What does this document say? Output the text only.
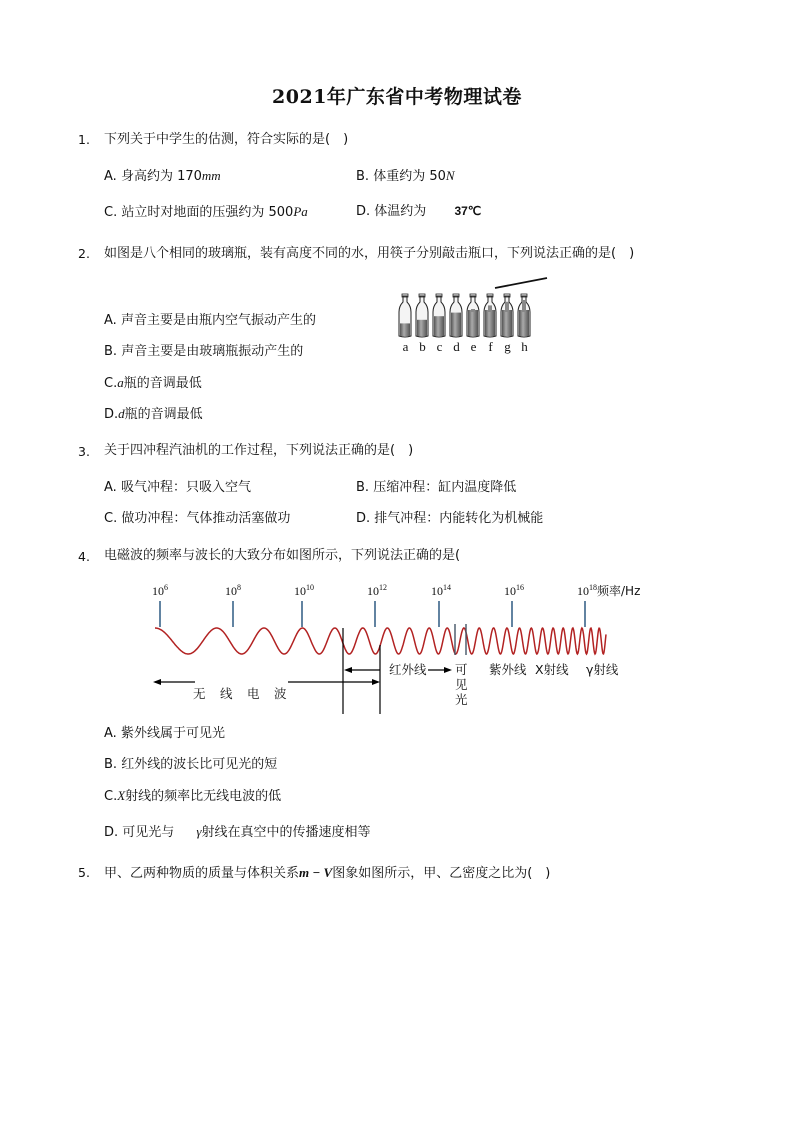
2021年广东省中考物理试卷
1. 下列关于中学生的估测，符合实际的是(　)
A. 身高约为 170mm	B. 体重约为 50N
C. 站立时对地面的压强约为 500Pa	D. 体温约为 37℃
2. 如图是八个相同的玻璃瓶，装有高度不同的水，用筷子分别敲击瓶口，下列说法正确的是(　)
a b c d e f g h
A. 声音主要是由瓶内空气振动产生的
B. 声音主要是由玻璃瓶振动产生的
C.a瓶的音调最低
D.d瓶的音调最低
3. 关于四冲程汽油机的工作过程，下列说法正确的是(　)
A. 吸气冲程：只吸入空气	B. 压缩冲程：缸内温度降低
C. 做功冲程：气体推动活塞做功	D. 排气冲程：内能转化为机械能
4. 电磁波的频率与波长的大致分布如图所示，下列说法正确的是(
$10^6$	$10^8$	$10^{10}$	$10^{12}$	$10^{14}$	$10^{16}$	$10^{18}$
无　线　电　波
红外线 可
见
光
紫外线 X射线 γ射线
频率/Hz
A. 紫外线属于可见光
B. 红外线的波长比可见光的短
C.X射线的频率比无线电波的低
D. 可见光与 γ射线在真空中的传播速度相等
5. 甲、乙两种物质的质量与体积关系m − V图象如图所示，甲、乙密度之比为(　)
